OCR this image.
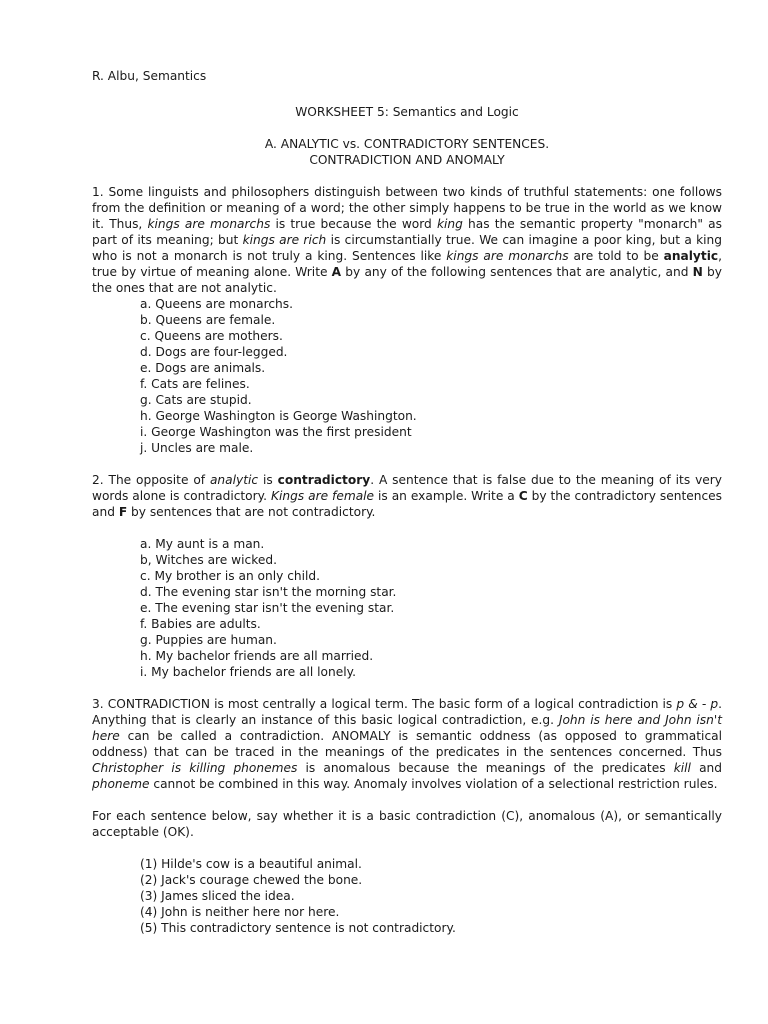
R. Albu, Semantics
WORKSHEET 5: Semantics and Logic
A. ANALYTIC vs. CONTRADICTORY SENTENCES.
CONTRADICTION AND ANOMALY

1. Some linguists and philosophers distinguish between two kinds of truthful statements: one follows from the definition or meaning of a word; the other simply happens to be true in the world as we know it. Thus, kings are monarchs is true because the word king has the semantic property "monarch" as part of its meaning; but kings are rich is circumstantially true. We can imagine a poor king, but a king who is not a monarch is not truly a king. Sentences like kings are monarchs are told to be analytic, true by virtue of meaning alone. Write A by any of the following sentences that are analytic, and N by the ones that are not analytic.

a. Queens are monarchs.
b. Queens are female.
c. Queens are mothers.
d. Dogs are four-legged.
e. Dogs are animals.
f. Cats are felines.
g. Cats are stupid.
h. George Washington is George Washington.
i. George Washington was the first president
j. Uncles are male.

2. The opposite of analytic is contradictory. A sentence that is false due to the meaning of its very words alone is contradictory. Kings are female is an example. Write a C by the contradictory sentences and F by sentences that are not contradictory.

a. My aunt is a man.
b, Witches are wicked.
c. My brother is an only child.
d. The evening star isn't the morning star.
e. The evening star isn't the evening star.
f. Babies are adults.
g. Puppies are human.
h. My bachelor friends are all married.
i. My bachelor friends are all lonely.

3. CONTRADICTION is most centrally a logical term. The basic form of a logical contradiction is p & - p. Anything that is clearly an instance of this basic logical contradiction, e.g. John is here and John isn't here can be called a contradiction. ANOMALY is semantic oddness (as opposed to grammatical oddness) that can be traced in the meanings of the predicates in the sentences concerned. Thus Christopher is killing phonemes is anomalous because the meanings of the predicates kill and phoneme cannot be combined in this way. Anomaly involves violation of a selectional restriction rules.

For each sentence below, say whether it is a basic contradiction (C), anomalous (A), or semantically acceptable (OK).

(1) Hilde's cow is a beautiful animal.
(2) Jack's courage chewed the bone.
(3) James sliced the idea.
(4) John is neither here nor here.
(5) This contradictory sentence is not contradictory.
